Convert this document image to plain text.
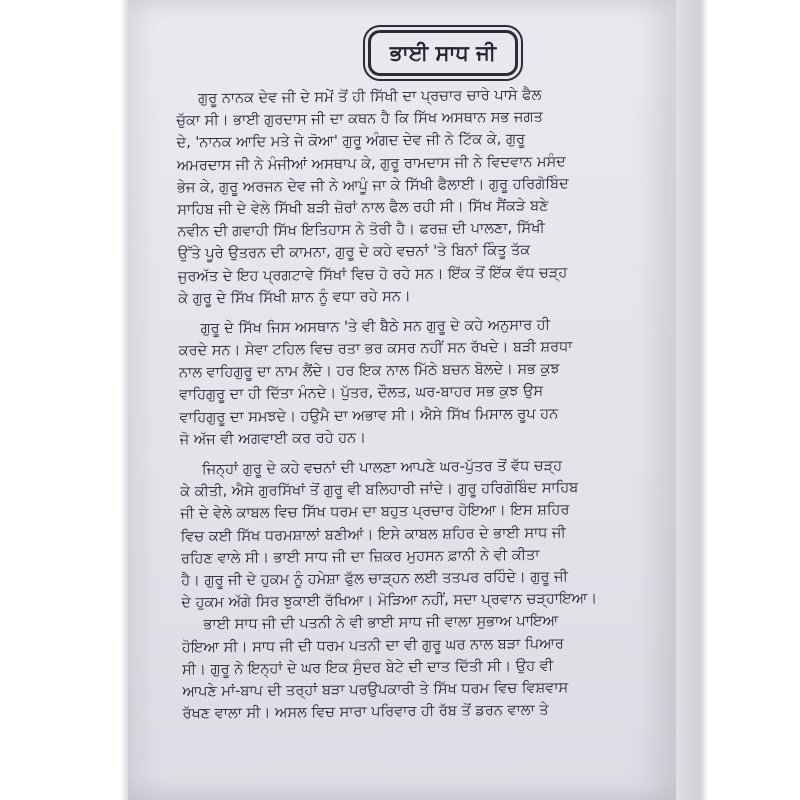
ਭਾਈ ਸਾਧ ਜੀ
ਗੁਰੂ ਨਾਨਕ ਦੇਵ ਜੀ ਦੇ ਸਮੇਂ ਤੋਂ ਹੀ ਸਿੱਖੀ ਦਾ ਪ੍ਰਚਾਰ ਚਾਰੇ ਪਾਸੇ ਫੈਲ
ਚੁੱਕਾ ਸੀ। ਭਾਈ ਗੁਰਦਾਸ ਜੀ ਦਾ ਕਥਨ ਹੈ ਕਿ ਸਿੱਖ ਅਸਥਾਨ ਸਭ ਜਗਤ
ਦੇ, 'ਨਾਨਕ ਆਦਿ ਮਤੇ ਜੇ ਕੋਆ' ਗੁਰੂ ਅੰਗਦ ਦੇਵ ਜੀ ਨੇ ਟਿੱਕ ਕੇ, ਗੁਰੂ
ਅਮਰਦਾਸ ਜੀ ਨੇ ਮੰਜੀਆਂ ਅਸਥਾਪ ਕੇ, ਗੁਰੂ ਰਾਮਦਾਸ ਜੀ ਨੇ ਵਿਦਵਾਨ ਮਸੰਦ
ਭੇਜ ਕੇ, ਗੁਰੂ ਅਰਜਨ ਦੇਵ ਜੀ ਨੇ ਆਪੂੰ ਜਾ ਕੇ ਸਿੱਖੀ ਫੈਲਾਈ। ਗੁਰੂ ਹਰਿਗੋਬਿੰਦ
ਸਾਹਿਬ ਜੀ ਦੇ ਵੇਲੇ ਸਿੱਖੀ ਬੜੀ ਜ਼ੋਰਾਂ ਨਾਲ ਫੈਲ ਰਹੀ ਸੀ। ਸਿੱਖ ਸੈਂਕੜੇ ਬਣੇ
ਨਵੀਨ ਦੀ ਗਵਾਹੀ ਸਿੱਖ ਇਤਿਹਾਸ ਨੇ ਤੋਰੀ ਹੈ। ਫਰਜ਼ ਦੀ ਪਾਲਣਾ, ਸਿੱਖੀ
ਉੱਤੇ ਪੂਰੇ ਉਤਰਨ ਦੀ ਕਾਮਨਾ, ਗੁਰੂ ਦੇ ਕਹੇ ਵਚਨਾਂ 'ਤੇ ਬਿਨਾਂ ਕਿੰਤੂ ਤੱਕ
ਜੁਰਅੱਤ ਦੇ ਇਹ ਪ੍ਰਗਟਾਵੇ ਸਿੱਖਾਂ ਵਿਚ ਹੋ ਰਹੇ ਸਨ। ਇੱਕ ਤੋਂ ਇੱਕ ਵੱਧ ਚੜ੍ਹ
ਕੇ ਗੁਰੂ ਦੇ ਸਿੱਖ ਸਿੱਖੀ ਸ਼ਾਨ ਨੂੰ ਵਧਾ ਰਹੇ ਸਨ।
ਗੁਰੂ ਦੇ ਸਿੱਖ ਜਿਸ ਅਸਥਾਨ 'ਤੇ ਵੀ ਬੈਠੇ ਸਨ ਗੁਰੂ ਦੇ ਕਹੇ ਅਨੁਸਾਰ ਹੀ
ਕਰਦੇ ਸਨ। ਸੇਵਾ ਟਹਿਲ ਵਿਚ ਰਤਾ ਭਰ ਕਸਰ ਨਹੀਂ ਸਨ ਰੱਖਦੇ। ਬੜੀ ਸ਼ਰਧਾ
ਨਾਲ ਵਾਹਿਗੁਰੂ ਦਾ ਨਾਮ ਲੈਂਦੇ। ਹਰ ਇਕ ਨਾਲ ਮਿੱਠੇ ਬਚਨ ਬੋਲਦੇ। ਸਭ ਕੁਝ
ਵਾਹਿਗੁਰੂ ਦਾ ਹੀ ਦਿੱਤਾ ਮੰਨਦੇ। ਪੁੱਤਰ, ਦੌਲਤ, ਘਰ-ਬਾਹਰ ਸਭ ਕੁਝ ਉਸ
ਵਾਹਿਗੁਰੂ ਦਾ ਸਮਝਦੇ। ਹਉਮੈ ਦਾ ਅਭਾਵ ਸੀ। ਐਸੇ ਸਿੱਖ ਮਿਸਾਲ ਰੂਪ ਹਨ
ਜੋ ਅੱਜ ਵੀ ਅਗਵਾਈ ਕਰ ਰਹੇ ਹਨ।
ਜਿਨ੍ਹਾਂ ਗੁਰੂ ਦੇ ਕਹੇ ਵਚਨਾਂ ਦੀ ਪਾਲਣਾ ਆਪਣੇ ਘਰ-ਪੁੱਤਰ ਤੋਂ ਵੱਧ ਚੜ੍ਹ
ਕੇ ਕੀਤੀ, ਐਸੇ ਗੁਰਸਿੱਖਾਂ ਤੋਂ ਗੁਰੂ ਵੀ ਬਲਿਹਾਰੀ ਜਾਂਦੇ। ਗੁਰੂ ਹਰਿਗੋਬਿੰਦ ਸਾਹਿਬ
ਜੀ ਦੇ ਵੇਲੇ ਕਾਬਲ ਵਿਚ ਸਿੱਖ ਧਰਮ ਦਾ ਬਹੁਤ ਪ੍ਰਚਾਰ ਹੋਇਆ। ਇਸ ਸ਼ਹਿਰ
ਵਿਚ ਕਈ ਸਿੱਖ ਧਰਮਸ਼ਾਲਾਂ ਬਣੀਆਂ। ਇਸੇ ਕਾਬਲ ਸ਼ਹਿਰ ਦੇ ਭਾਈ ਸਾਧ ਜੀ
ਰਹਿਣ ਵਾਲੇ ਸੀ। ਭਾਈ ਸਾਧ ਜੀ ਦਾ ਜ਼ਿਕਰ ਮੁਹਸਨ ਫ਼ਾਨੀ ਨੇ ਵੀ ਕੀਤਾ
ਹੈ। ਗੁਰੂ ਜੀ ਦੇ ਹੁਕਮ ਨੂੰ ਹਮੇਸ਼ਾ ਫੁੱਲ ਚਾੜ੍ਹਨ ਲਈ ਤਤਪਰ ਰਹਿੰਦੇ। ਗੁਰੂ ਜੀ
ਦੇ ਹੁਕਮ ਅੱਗੇ ਸਿਰ ਝੁਕਾਈ ਰੱਖਿਆ। ਮੋੜਿਆ ਨਹੀਂ, ਸਦਾ ਪ੍ਰਵਾਨ ਚੜ੍ਹਾਇਆ।
ਭਾਈ ਸਾਧ ਜੀ ਦੀ ਪਤਨੀ ਨੇ ਵੀ ਭਾਈ ਸਾਧ ਜੀ ਵਾਲਾ ਸੁਭਾਅ ਪਾਇਆ
ਹੋਇਆ ਸੀ। ਸਾਧ ਜੀ ਦੀ ਧਰਮ ਪਤਨੀ ਦਾ ਵੀ ਗੁਰੂ ਘਰ ਨਾਲ ਬੜਾ ਪਿਆਰ
ਸੀ। ਗੁਰੂ ਨੇ ਇਨ੍ਹਾਂ ਦੇ ਘਰ ਇਕ ਸੁੰਦਰ ਬੇਟੇ ਦੀ ਦਾਤ ਦਿੱਤੀ ਸੀ। ਉਹ ਵੀ
ਆਪਣੇ ਮਾਂ-ਬਾਪ ਦੀ ਤਰ੍ਹਾਂ ਬੜਾ ਪਰਉਪਕਾਰੀ ਤੇ ਸਿੱਖ ਧਰਮ ਵਿਚ ਵਿਸ਼ਵਾਸ
ਰੱਖਣ ਵਾਲਾ ਸੀ। ਅਸਲ ਵਿਚ ਸਾਰਾ ਪਰਿਵਾਰ ਹੀ ਰੱਬ ਤੋਂ ਡਰਨ ਵਾਲਾ ਤੇ
